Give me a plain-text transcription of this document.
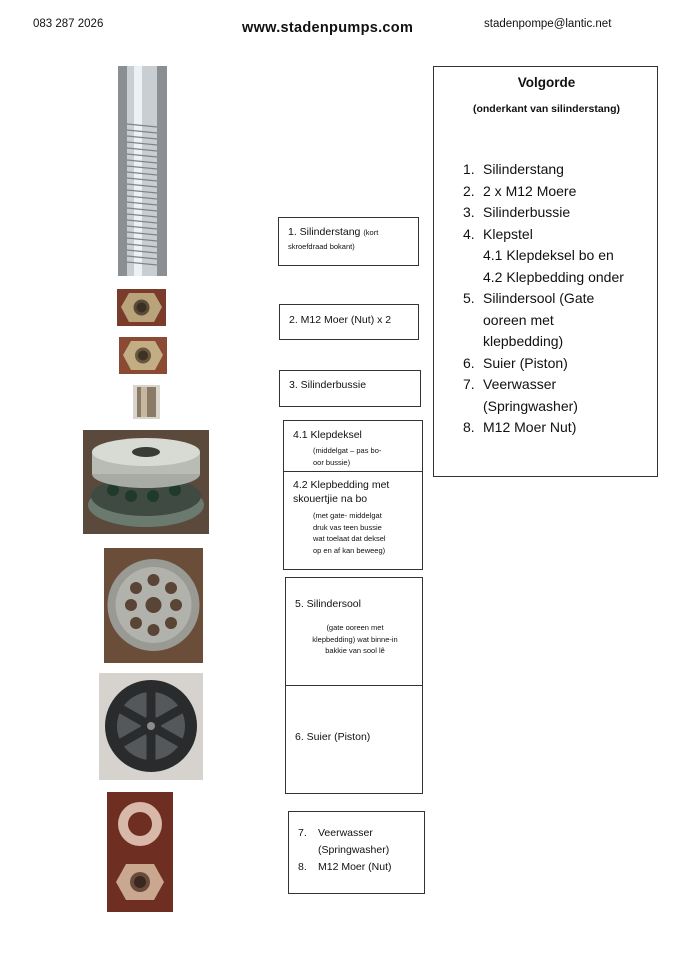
083 287 2026	www.stadenpumps.com	stadenpompe@lantic.net
1. Silinderstang (kort
skroefdraad bokant)
2. M12 Moer (Nut) x 2
3. Silinderbussie
4.1 Klepdeksel
(middelgat – pas bo-
oor bussie)
4.2 Klepbedding met
skouertjie na bo
(met gate- middelgat
druk vas teen bussie
wat toelaat dat deksel
op en af kan beweeg)
5. Silindersool
(gate ooreen met
klepbedding) wat binne-in
bakkie van sool lê
6. Suier (Piston)
7. Veerwasser
(Springwasher)
8. M12 Moer (Nut)
Volgorde
(onderkant van silinderstang)
1. Silinderstang
2. 2 x M12 Moere
3. Silinderbussie
4. Klepstel
4.1 Klepdeksel bo en
4.2 Klepbedding onder
5. Silindersool (Gate
ooreen met
klepbedding)
6. Suier (Piston)
7. Veerwasser
(Springwasher)
8. M12 Moer Nut)
